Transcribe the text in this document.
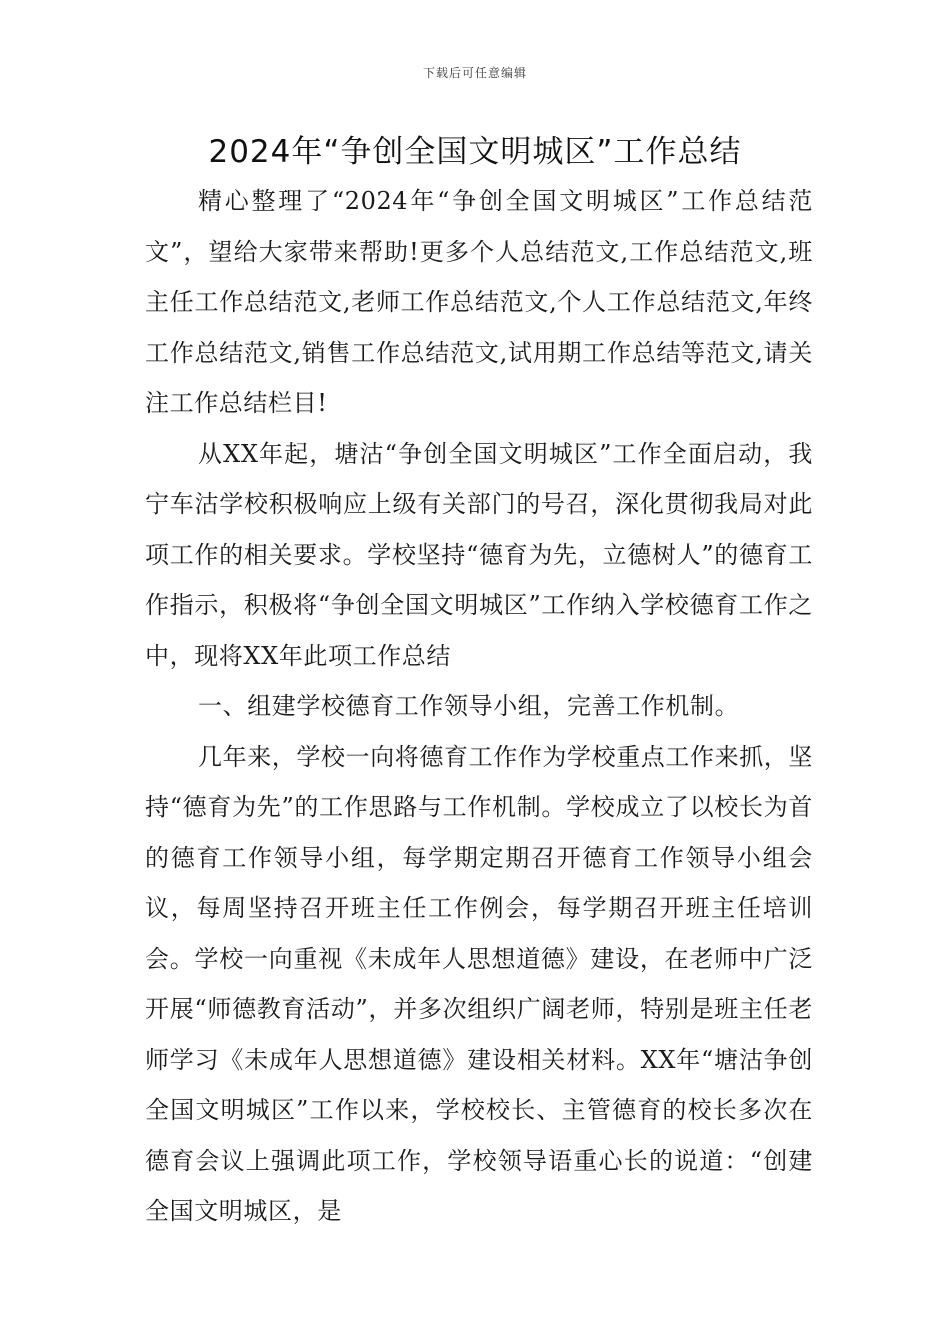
下载后可任意编辑
2024年“争创全国文明城区”工作总结

精心整理了“2024年“争创全国文明城区”工作总结范文”，望给大家带来帮助!更多个人总结范文,工作总结范文,班主任工作总结范文,老师工作总结范文,个人工作总结范文,年终工作总结范文,销售工作总结范文,试用期工作总结等范文,请关注工作总结栏目!

从XX年起，塘沽“争创全国文明城区”工作全面启动，我宁车沽学校积极响应上级有关部门的号召，深化贯彻我局对此项工作的相关要求。学校坚持“德育为先，立德树人”的德育工作指示，积极将“争创全国文明城区”工作纳入学校德育工作之中，现将XX年此项工作总结

一、组建学校德育工作领导小组，完善工作机制。

几年来，学校一向将德育工作作为学校重点工作来抓，坚持“德育为先”的工作思路与工作机制。学校成立了以校长为首的德育工作领导小组，每学期定期召开德育工作领导小组会议，每周坚持召开班主任工作例会，每学期召开班主任培训会。学校一向重视《未成年人思想道德》建设，在老师中广泛开展“师德教育活动”，并多次组织广阔老师，特别是班主任老师学习《未成年人思想道德》建设相关材料。XX年“塘沽争创全国文明城区”工作以来，学校校长、主管德育的校长多次在德育会议上强调此项工作，学校领导语重心长的说道：“创建全国文明城区，是
